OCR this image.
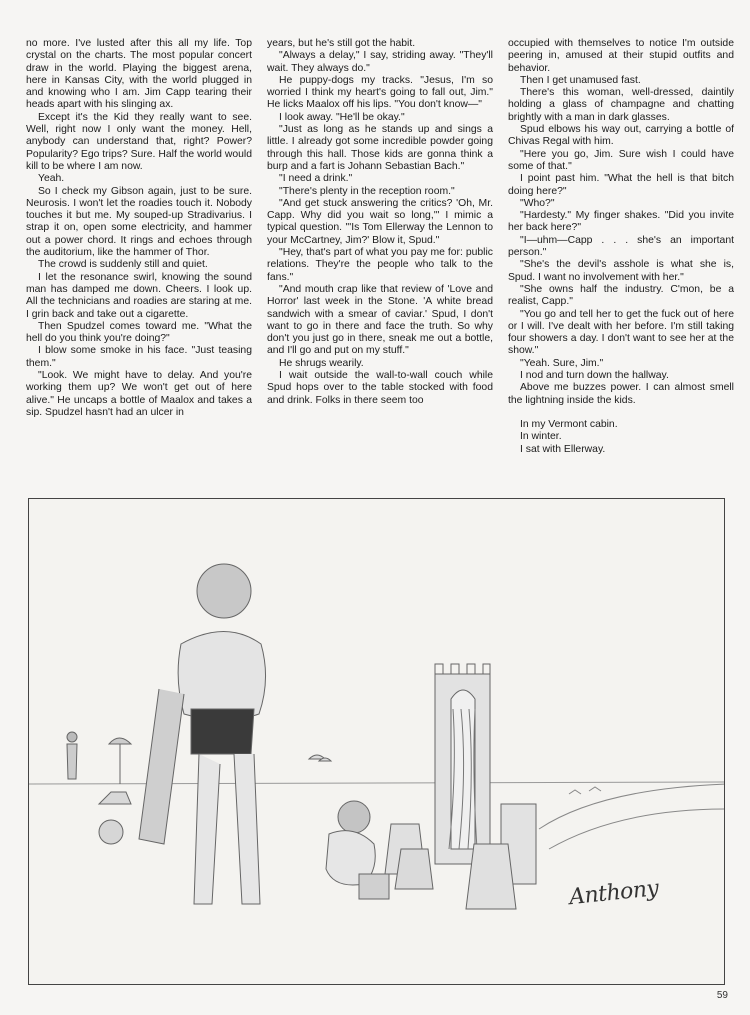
no more. I've lusted after this all my life. Top crystal on the charts. The most popular concert draw in the world. Playing the biggest arena, here in Kansas City, with the world plugged in and knowing who I am. Jim Capp tearing their heads apart with his slinging ax.

Except it's the Kid they really want to see. Well, right now I only want the money. Hell, anybody can understand that, right? Power? Popularity? Ego trips? Sure. Half the world would kill to be where I am now.

Yeah.

So I check my Gibson again, just to be sure. Neurosis. I won't let the roadies touch it. Nobody touches it but me. My souped-up Stradivarius. I strap it on, open some electricity, and hammer out a power chord. It rings and echoes through the auditorium, like the hammer of Thor.

The crowd is suddenly still and quiet.

I let the resonance swirl, knowing the sound man has damped me down. Cheers. I look up. All the technicians and roadies are staring at me. I grin back and take out a cigarette.

Then Spudzel comes toward me. "What the hell do you think you're doing?"

I blow some smoke in his face. "Just teasing them."

"Look. We might have to delay. And you're working them up? We won't get out of here alive." He uncaps a bottle of Maalox and takes a sip. Spudzel hasn't had an ulcer in

years, but he's still got the habit.

"Always a delay," I say, striding away. "They'll wait. They always do."

He puppy-dogs my tracks. "Jesus, I'm so worried I think my heart's going to fall out, Jim." He licks Maalox off his lips. "You don't know—"

I look away. "He'll be okay."

"Just as long as he stands up and sings a little. I already got some incredible powder going through this hall. Those kids are gonna think a burp and a fart is Johann Sebastian Bach."

"I need a drink."

"There's plenty in the reception room."

"And get stuck answering the critics? 'Oh, Mr. Capp. Why did you wait so long,'" I mimic a typical question. "'Is Tom Ellerway the Lennon to your McCartney, Jim?' Blow it, Spud."

"Hey, that's part of what you pay me for: public relations. They're the people who talk to the fans."

"And mouth crap like that review of 'Love and Horror' last week in the Stone. 'A white bread sandwich with a smear of caviar.' Spud, I don't want to go in there and face the truth. So why don't you just go in there, sneak me out a bottle, and I'll go and put on my stuff."

He shrugs wearily.

I wait outside the wall-to-wall couch while Spud hops over to the table stocked with food and drink. Folks in there seem too

occupied with themselves to notice I'm outside peering in, amused at their stupid outfits and behavior.

Then I get unamused fast.

There's this woman, well-dressed, daintily holding a glass of champagne and chatting brightly with a man in dark glasses.

Spud elbows his way out, carrying a bottle of Chivas Regal with him.

"Here you go, Jim. Sure wish I could have some of that."

I point past him. "What the hell is that bitch doing here?"

"Who?"

"Hardesty." My finger shakes. "Did you invite her back here?"

"I—uhm—Capp . . . she's an important person."

"She's the devil's asshole is what she is, Spud. I want no involvement with her."

"She owns half the industry. C'mon, be a realist, Capp."

"You go and tell her to get the fuck out of here or I will. I've dealt with her before. I'm still taking four showers a day. I don't want to see her at the show."

"Yeah. Sure, Jim."

I nod and turn down the hallway.

Above me buzzes power. I can almost smell the lightning inside the kids.

In my Vermont cabin.

In winter.

I sat with Ellerway.

Anthony
59
